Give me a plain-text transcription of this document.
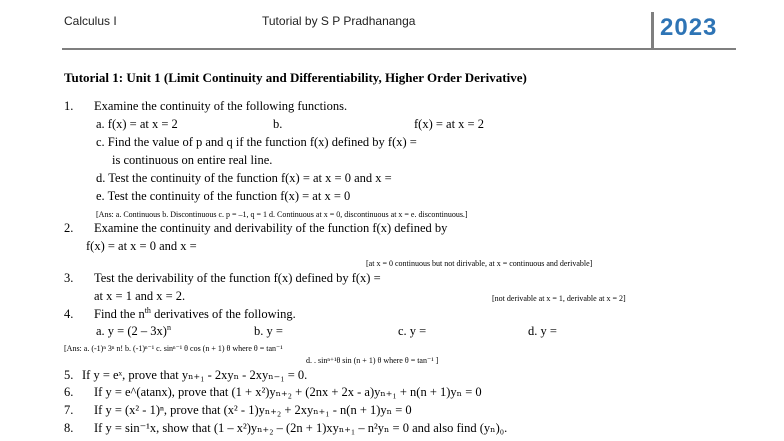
Calculus I	Tutorial by S P Pradhananga	2023
Tutorial 1: Unit 1 (Limit Continuity and Differentiability, Higher Order Derivative)
1. Examine the continuity of the following functions.
a. f(x) = at x = 2	b.	f(x) = at x = 2
c. Find the value of p and q if the function f(x) defined by f(x) =
is continuous on entire real line.
d. Test the continuity of the function f(x) = at x = 0 and x =
e. Test the continuity of the function f(x) = at x = 0
[Ans: a. Continuous b. Discontinuous c. p = –1, q = 1 d. Continuous at x = 0, discontinuous at x = e. discontinuous.]
2. Examine the continuity and derivability of the function f(x) defined by
f(x) = at x = 0 and x =
[at x = 0 continuous but not dirivable, at x = continuous and derivable]
3. Test the derivability of the function f(x) defined by f(x) =
at x = 1 and x = 2.	[not derivable at x = 1, derivable at x = 2]
4. Find the $n^{th}$ derivatives of the following.
a. y = (2 – 3x)$^n$	b. y =	c. y =	d. y =
[Ans: a. (-1)ⁿ 3ⁿ n! b. (-1)ⁿ⁻¹ c. sinⁿ⁻¹ θ cos (n + 1) θ where θ = tan⁻¹
d. . sinⁿ⁺¹θ sin (n + 1) θ where θ = tan⁻¹ ]
5. If y = eˣ, prove that yₙ₊₁ - 2xyₙ - 2xyₙ₋₁ = 0.
6. If y = e^(atanx), prove that (1 + x²)yₙ₊₂ + (2nx + 2x - a)yₙ₊₁ + n(n + 1)yₙ = 0
7. If y = (x² - 1)ⁿ, prove that (x² - 1)yₙ₊₂ + 2xyₙ₊₁ - n(n + 1)yₙ = 0
8. If y = sin⁻¹x, show that (1 – x²)yₙ₊₂ – (2n + 1)xyₙ₊₁ – n²yₙ = 0 and also find (yₙ)₀.
